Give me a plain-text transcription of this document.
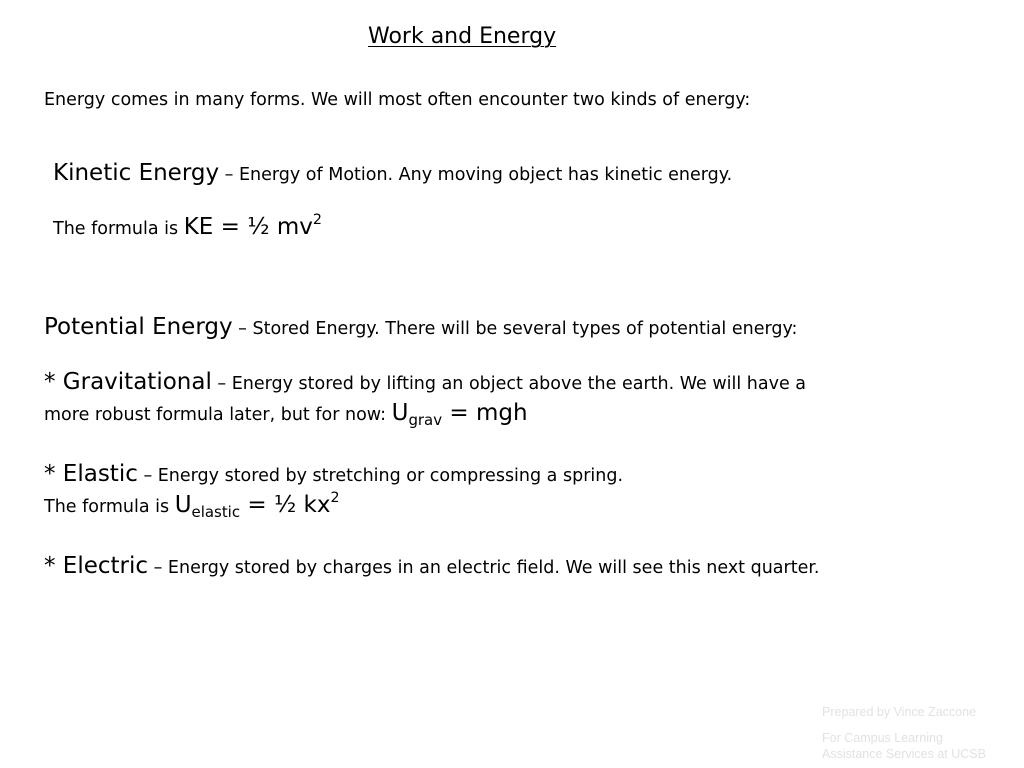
Work and Energy
Energy comes in many forms. We will most often encounter two kinds of energy:
Kinetic Energy – Energy of Motion. Any moving object has kinetic energy.
The formula is KE = ½ $mv^2$
Potential Energy – Stored Energy. There will be several types of potential energy:
* Gravitational – Energy stored by lifting an object above the earth. We will have a
more robust formula later, but for now: $U_{grav}$ = mgh
* Elastic – Energy stored by stretching or compressing a spring.
The formula is $U_{elastic}$ = ½ $kx^2$
* Electric – Energy stored by charges in an electric field. We will see this next quarter.
Prepared by Vince Zaccone
For Campus Learning
Assistance Services at UCSB
